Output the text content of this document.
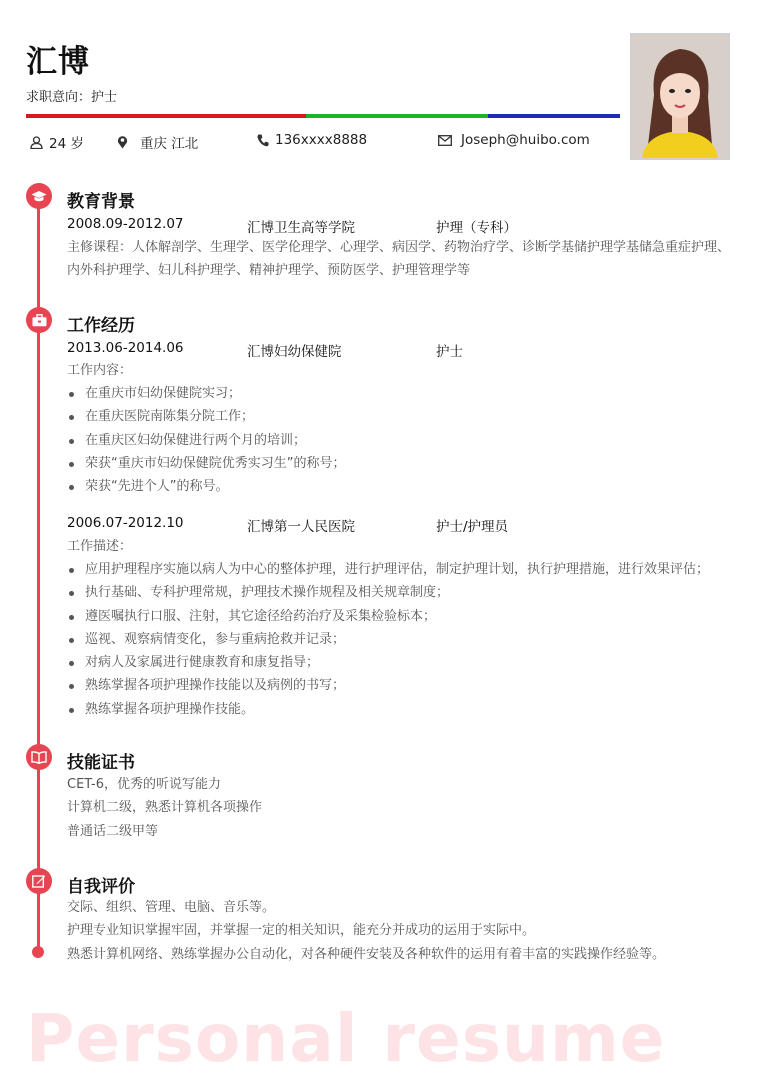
汇博
求职意向：护士
24 岁	重庆 江北	136xxxx8888	Joseph@huibo.com
教育背景
2008.09-2012.07	汇博卫生高等学院	护理（专科）
主修课程：人体解剖学、生理学、医学伦理学、心理学、病因学、药物治疗学、诊断学基储护理学基储急重症护理、内外科护理学、妇儿科护理学、精神护理学、预防医学、护理管理学等
工作经历
2013.06-2014.06	汇博妇幼保健院	护士
工作内容：
在重庆市妇幼保健院实习；
在重庆医院南陈集分院工作；
在重庆区妇幼保健进行两个月的培训；
荣获“重庆市妇幼保健院优秀实习生”的称号；
荣获“先进个人”的称号。
2006.07-2012.10	汇博第一人民医院	护士/护理员
工作描述：
应用护理程序实施以病人为中心的整体护理，进行护理评估，制定护理计划，执行护理措施，进行效果评估；
执行基础、专科护理常规，护理技术操作规程及相关规章制度；
遵医嘱执行口服、注射，其它途径给药治疗及采集检验标本；
巡视、观察病情变化，参与重病抢救并记录；
对病人及家属进行健康教育和康复指导；
熟练掌握各项护理操作技能以及病例的书写；
熟练掌握各项护理操作技能。
技能证书
CET-6，优秀的听说写能力
计算机二级，熟悉计算机各项操作
普通话二级甲等
自我评价
交际、组织、管理、电脑、音乐等。
护理专业知识掌握牢固，并掌握一定的相关知识，能充分并成功的运用于实际中。
熟悉计算机网络、熟练掌握办公自动化，对各种硬件安装及各种软件的运用有着丰富的实践操作经验等。
Personal resume
